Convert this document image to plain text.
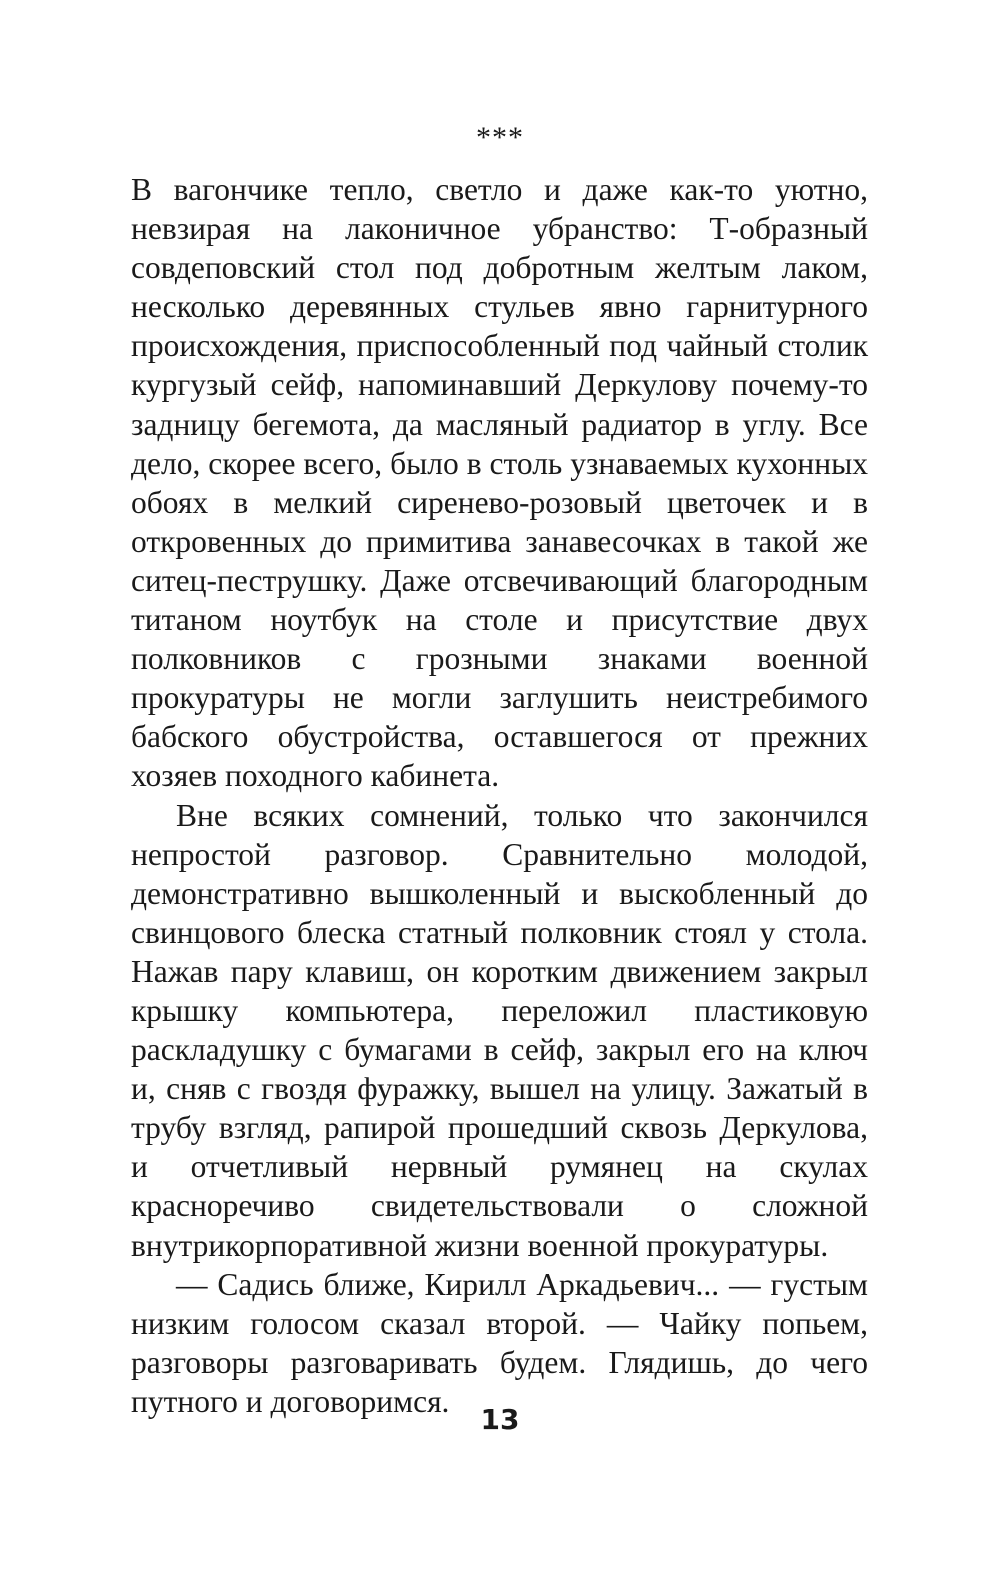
***

В вагончике тепло, светло и даже как-то уютно, невзирая на лаконичное убранство: Т-образный совдеповский стол под добротным желтым лаком, несколько деревянных стульев явно гарнитурного происхождения, приспособленный под чайный столик кургузый сейф, напоминавший Деркулову почему-то задницу бегемота, да масляный радиатор в углу. Все дело, скорее всего, было в столь узнаваемых кухонных обоях в мелкий сиренево-розовый цветочек и в откровенных до примитива занавесочках в такой же ситец-пеструшку. Даже отсвечивающий благородным титаном ноутбук на столе и присутствие двух полковников с грозными знаками военной прокуратуры не могли заглушить неистребимого бабского обустройства, оставшегося от прежних хозяев походного кабинета.

Вне всяких сомнений, только что закончился непростой разговор. Сравнительно молодой, демонстративно вышколенный и выскобленный до свинцового блеска статный полковник стоял у стола. Нажав пару клавиш, он коротким движением закрыл крышку компьютера, переложил пластиковую раскладушку с бумагами в сейф, закрыл его на ключ и, сняв с гвоздя фуражку, вышел на улицу. Зажатый в трубу взгляд, рапирой прошедший сквозь Деркулова, и отчетливый нервный румянец на скулах красноречиво свидетельствовали о сложной внутрикорпоративной жизни военной прокуратуры.

— Садись ближе, Кирилл Аркадьевич... — густым низким голосом сказал второй. — Чайку попьем, разговоры разговаривать будем. Глядишь, до чего путного и договоримся.

13
